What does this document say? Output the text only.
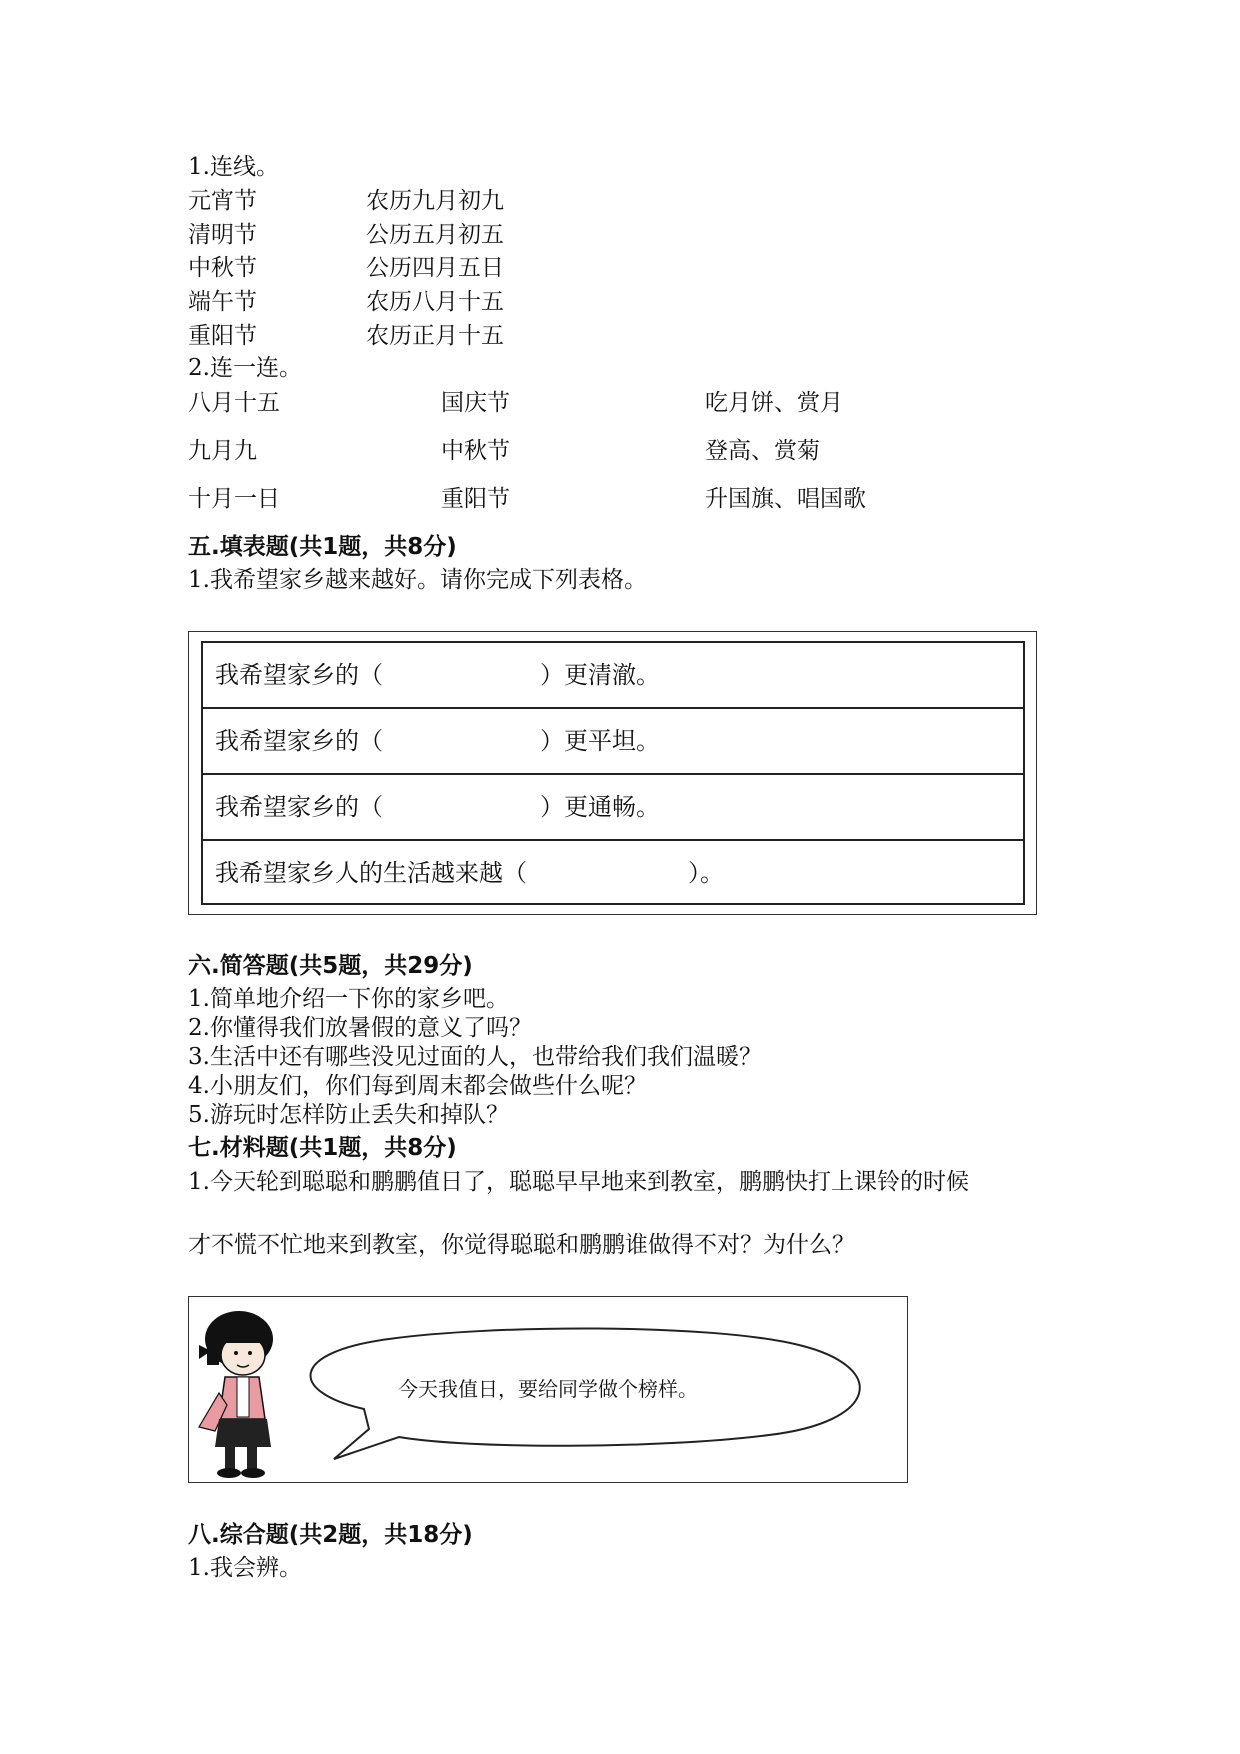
1.连线。
元宵节	农历九月初九
清明节	公历五月初五
中秋节	公历四月五日
端午节	农历八月十五
重阳节	农历正月十五
2.连一连。
八月十五	国庆节	吃月饼、赏月
九月九	中秋节	登高、赏菊
十月一日	重阳节	升国旗、唱国歌
五.填表题(共1题，共8分)
1.我希望家乡越来越好。请你完成下列表格。
我希望家乡的（	）更清澈。
我希望家乡的（	）更平坦。
我希望家乡的（	）更通畅。
我希望家乡人的生活越来越（	）。
六.简答题(共5题，共29分)
1.简单地介绍一下你的家乡吧。
2.你懂得我们放暑假的意义了吗？
3.生活中还有哪些没见过面的人，也带给我们我们温暖？
4.小朋友们，你们每到周末都会做些什么呢？
5.游玩时怎样防止丢失和掉队？
七.材料题(共1题，共8分)
1.今天轮到聪聪和鹏鹏值日了，聪聪早早地来到教室，鹏鹏快打上课铃的时候
才不慌不忙地来到教室，你觉得聪聪和鹏鹏谁做得不对？为什么？
今天我值日，要给同学做个榜样。
八.综合题(共2题，共18分)
1.我会辨。
